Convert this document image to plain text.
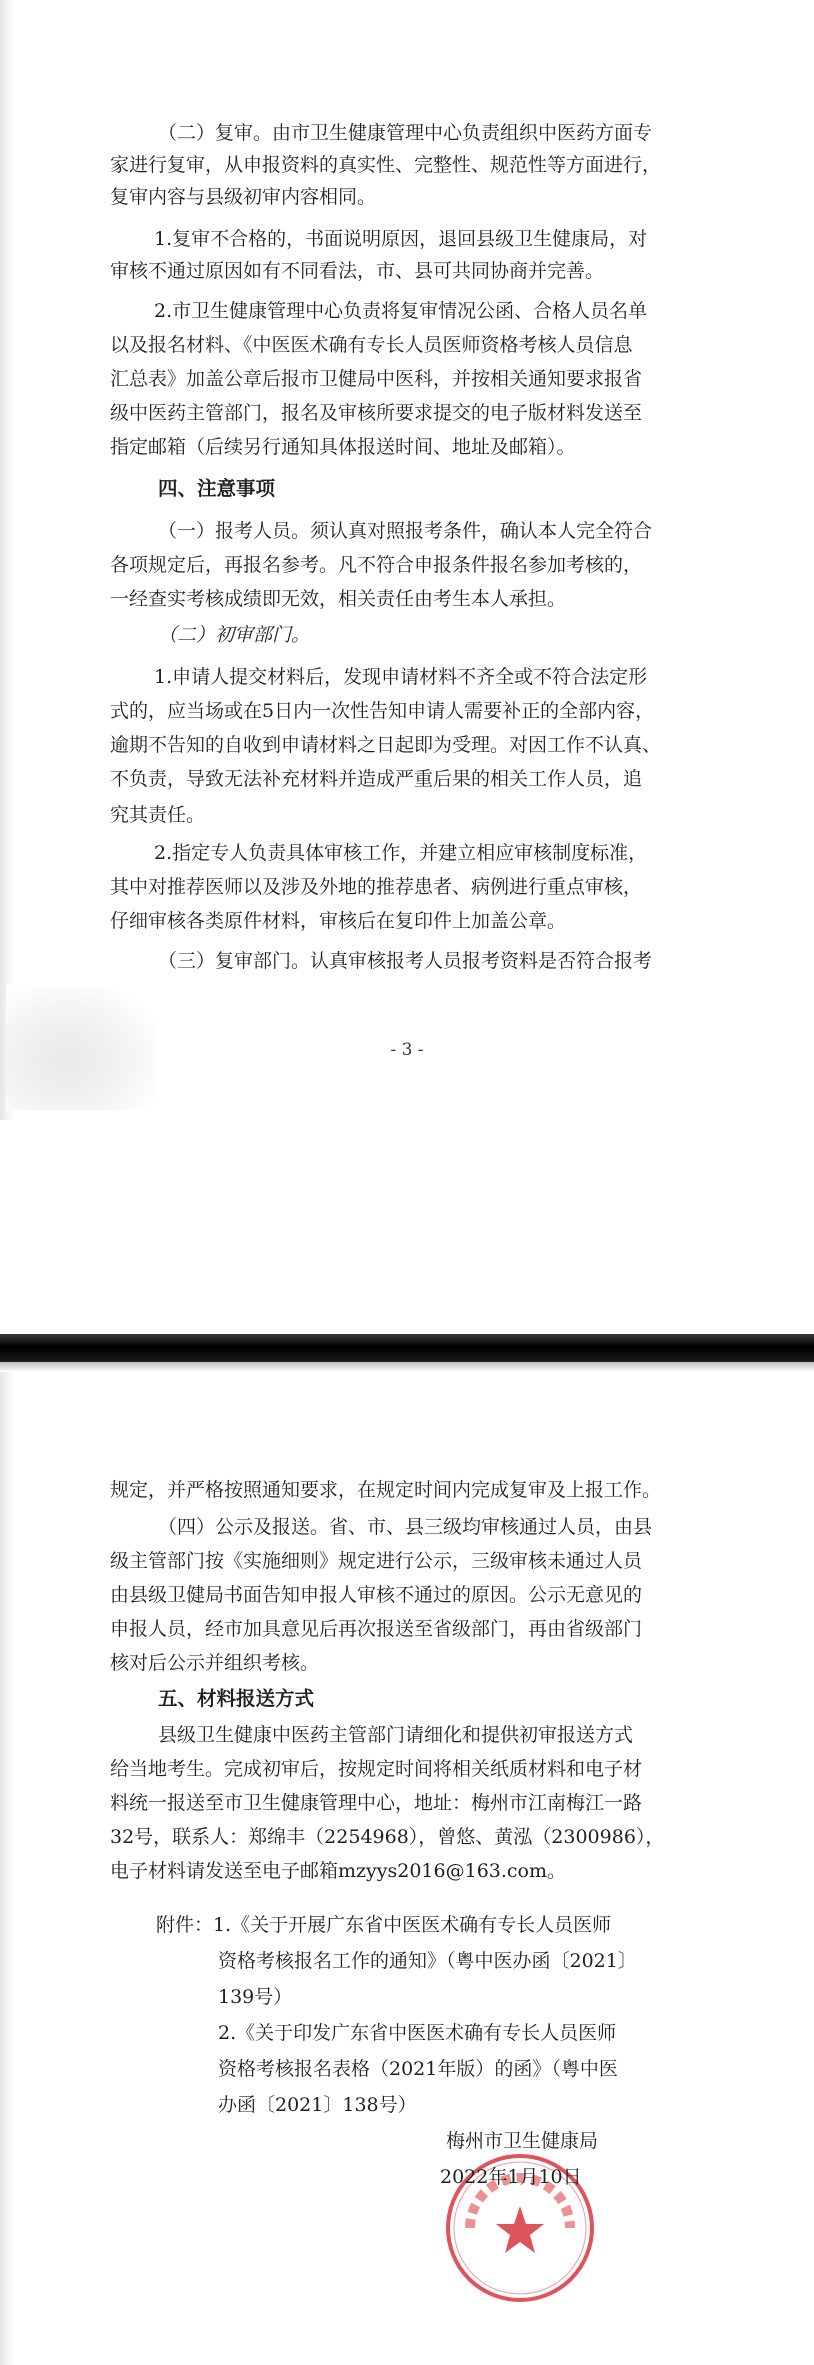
（二）复审。由市卫生健康管理中心负责组织中医药方面专

家进行复审，从申报资料的真实性、完整性、规范性等方面进行，

复审内容与县级初审内容相同。

1.复审不合格的，书面说明原因，退回县级卫生健康局，对

审核不通过原因如有不同看法，市、县可共同协商并完善。

2.市卫生健康管理中心负责将复审情况公函、合格人员名单

以及报名材料、《中医医术确有专长人员医师资格考核人员信息

汇总表》加盖公章后报市卫健局中医科，并按相关通知要求报省

级中医药主管部门，报名及审核所要求提交的电子版材料发送至

指定邮箱（后续另行通知具体报送时间、地址及邮箱）。

四、注意事项

（一）报考人员。须认真对照报考条件，确认本人完全符合

各项规定后，再报名参考。凡不符合申报条件报名参加考核的，

一经查实考核成绩即无效，相关责任由考生本人承担。

（二）初审部门。

1.申请人提交材料后，发现申请材料不齐全或不符合法定形

式的，应当场或在5日内一次性告知申请人需要补正的全部内容，

逾期不告知的自收到申请材料之日起即为受理。对因工作不认真、

不负责，导致无法补充材料并造成严重后果的相关工作人员，追

究其责任。

2.指定专人负责具体审核工作，并建立相应审核制度标准，

其中对推荐医师以及涉及外地的推荐患者、病例进行重点审核，

仔细审核各类原件材料，审核后在复印件上加盖公章。

（三）复审部门。认真审核报考人员报考资料是否符合报考

- 3 -

规定，并严格按照通知要求，在规定时间内完成复审及上报工作。

（四）公示及报送。省、市、县三级均审核通过人员，由县

级主管部门按《实施细则》规定进行公示，三级审核未通过人员

由县级卫健局书面告知申报人审核不通过的原因。公示无意见的

申报人员，经市加具意见后再次报送至省级部门，再由省级部门

核对后公示并组织考核。

五、材料报送方式

县级卫生健康中医药主管部门请细化和提供初审报送方式

给当地考生。完成初审后，按规定时间将相关纸质材料和电子材

料统一报送至市卫生健康管理中心，地址：梅州市江南梅江一路

32号，联系人：郑绵丰（2254968），曾悠、黄泓（2300986），

电子材料请发送至电子邮箱mzyys2016@163.com。

附件：1.《关于开展广东省中医医术确有专长人员医师

资格考核报名工作的通知》（粤中医办函〔2021〕

139号）

2.《关于印发广东省中医医术确有专长人员医师

资格考核报名表格（2021年版）的函》（粤中医

办函〔2021〕138号）

梅州市卫生健康局

2022年1月10日
